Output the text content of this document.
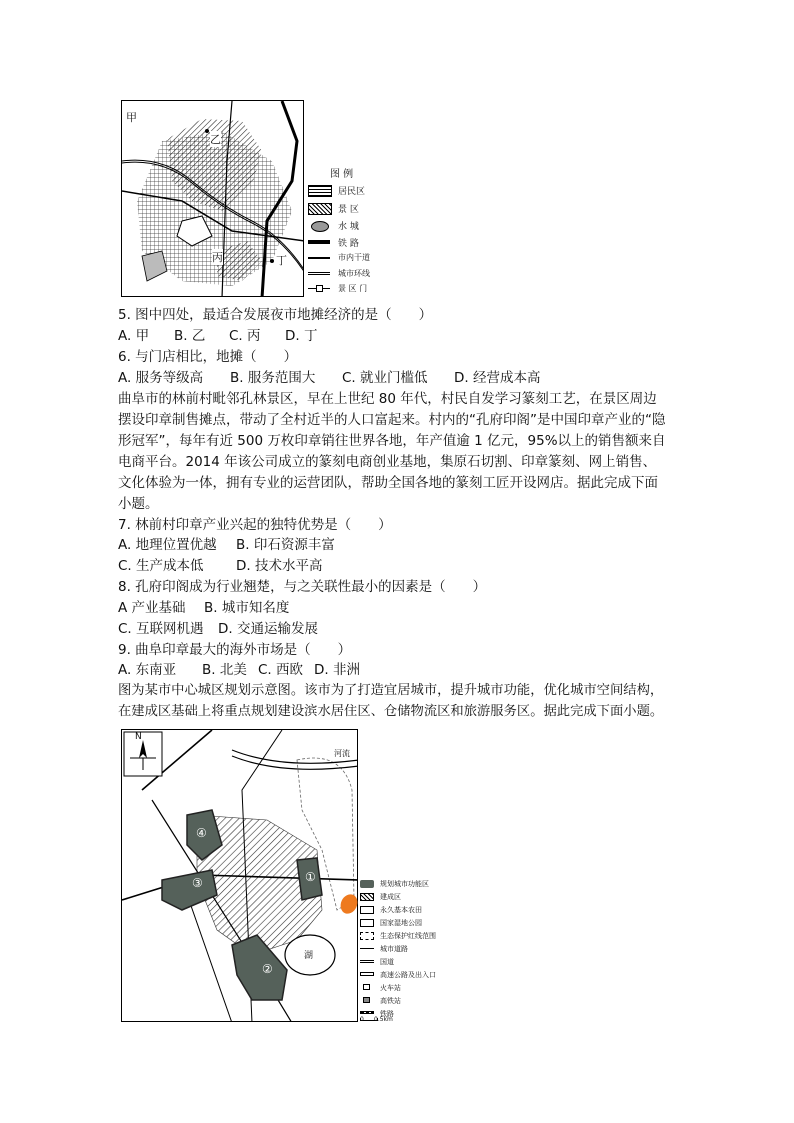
甲
乙
丙	丁
图 例
居民区
景 区
水 城
铁 路
市内干道
城市环线
景 区 门
5. 图中四处，最适合发展夜市地摊经济的是（　　）
A. 甲 B. 乙 C. 丙 D. 丁
6. 与门店相比，地摊（　　）
A. 服务等级高 B. 服务范围大 C. 就业门槛低 D. 经营成本高
曲阜市的林前村毗邻孔林景区，早在上世纪 80 年代，村民自发学习篆刻工艺，在景区周边
摆设印章制售摊点，带动了全村近半的人口富起来。村内的“孔府印阁”是中国印章产业的“隐
形冠军”，每年有近 500 万枚印章销往世界各地，年产值逾 1 亿元，95%以上的销售额来自
电商平台。2014 年该公司成立的篆刻电商创业基地，集原石切割、印章篆刻、网上销售、
文化体验为一体，拥有专业的运营团队，帮助全国各地的篆刻工匠开设网店。据此完成下面
小题。
7. 林前村印章产业兴起的独特优势是（　　）
A. 地理位置优越 B. 印石资源丰富
C. 生产成本低 D. 技术水平高
8. 孔府印阁成为行业翘楚，与之关联性最小的因素是（　　）
A 产业基础 B. 城市知名度
C. 互联网机遇 D. 交通运输发展
9. 曲阜印章最大的海外市场是（　　）
A. 东南亚 B. 北美 C. 西欧 D. 非洲
图为某市中心城区规划示意图。该市为了打造宜居城市，提升城市功能，优化城市空间结构，
在建成区基础上将重点规划建设滨水居住区、仓储物流区和旅游服务区。据此完成下面小题。
N
河流
湖
①
②
③
④
规划城市功能区
建成区
永久基本农田
国家湿地公园
生态保护红线范围
城市道路
国道
高速公路及出入口
火车站
高铁站
铁路
0 0.5km
